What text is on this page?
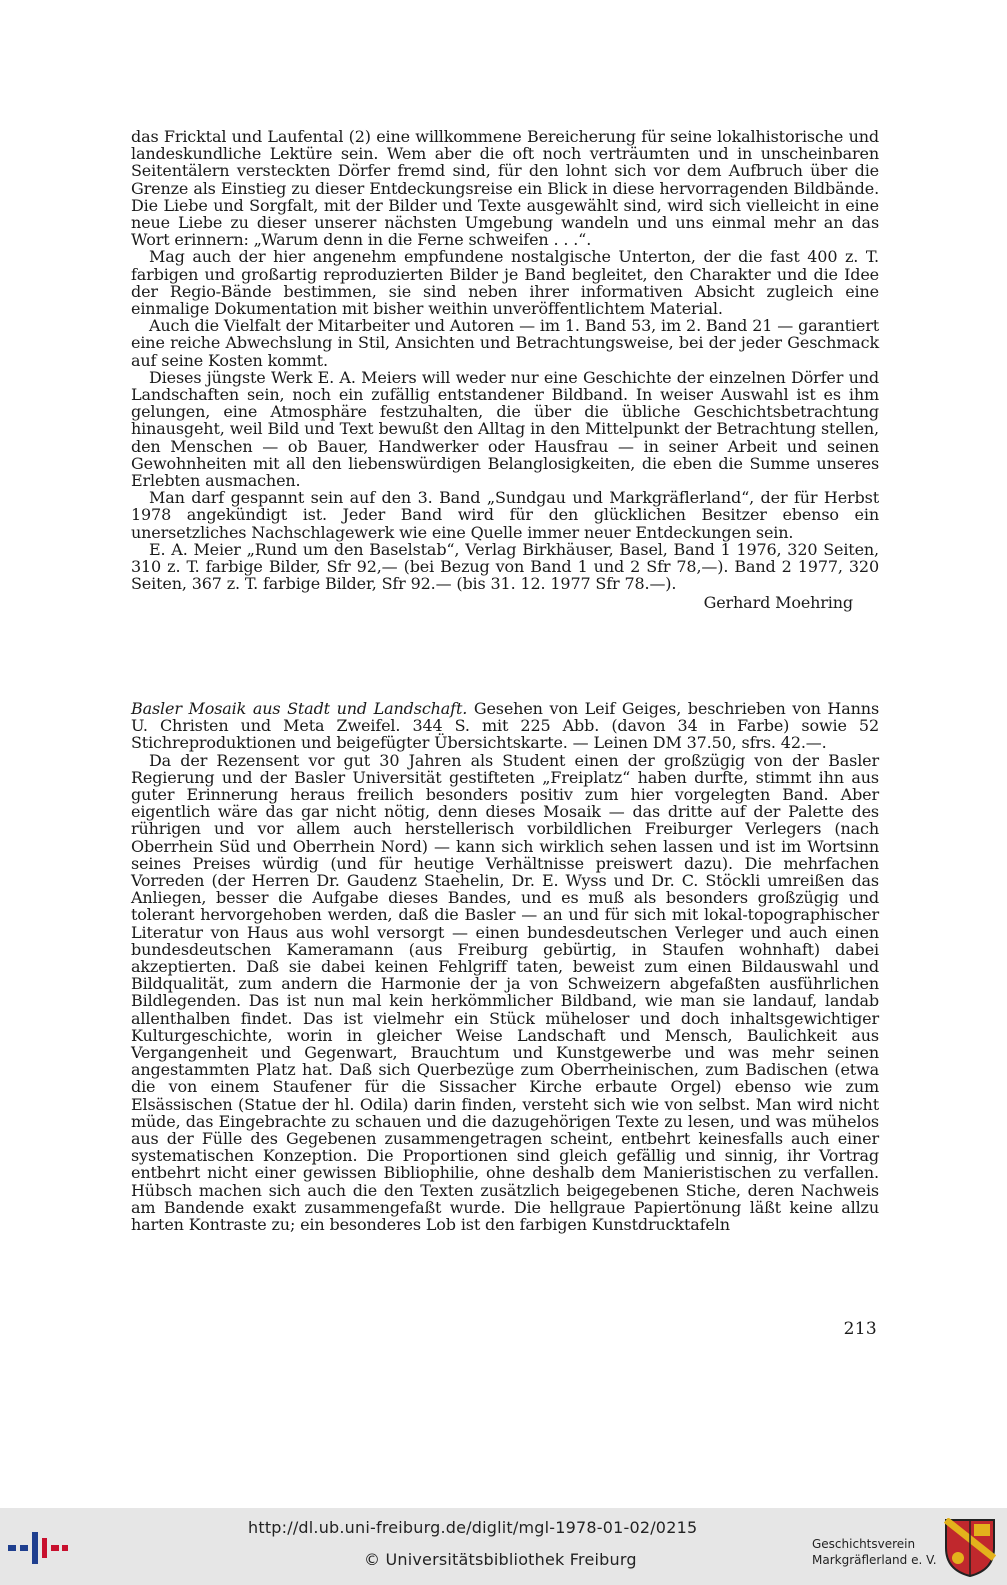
das Fricktal und Laufental (2) eine willkommene Bereicherung für seine lokalhistorische und landeskundliche Lektüre sein. Wem aber die oft noch verträumten und in unscheinbaren Seitentälern versteckten Dörfer fremd sind, für den lohnt sich vor dem Aufbruch über die Grenze als Einstieg zu dieser Entdeckungsreise ein Blick in diese hervorragenden Bildbände. Die Liebe und Sorgfalt, mit der Bilder und Texte ausgewählt sind, wird sich vielleicht in eine neue Liebe zu dieser unserer nächsten Umgebung wandeln und uns einmal mehr an das Wort erinnern: „Warum denn in die Ferne schweifen . . .“.

Mag auch der hier angenehm empfundene nostalgische Unterton, der die fast 400 z. T. farbigen und großartig reproduzierten Bilder je Band begleitet, den Charakter und die Idee der Regio-Bände bestimmen, sie sind neben ihrer informativen Absicht zugleich eine einmalige Dokumentation mit bisher weithin unveröffentlichtem Material.

Auch die Vielfalt der Mitarbeiter und Autoren — im 1. Band 53, im 2. Band 21 — garantiert eine reiche Abwechslung in Stil, Ansichten und Betrachtungsweise, bei der jeder Geschmack auf seine Kosten kommt.

Dieses jüngste Werk E. A. Meiers will weder nur eine Geschichte der einzelnen Dörfer und Landschaften sein, noch ein zufällig entstandener Bildband. In weiser Auswahl ist es ihm gelungen, eine Atmosphäre festzuhalten, die über die übliche Geschichtsbetrachtung hinausgeht, weil Bild und Text bewußt den Alltag in den Mittelpunkt der Betrachtung stellen, den Menschen — ob Bauer, Handwerker oder Hausfrau — in seiner Arbeit und seinen Gewohnheiten mit all den liebenswürdigen Belanglosigkeiten, die eben die Summe unseres Erlebten ausmachen.

Man darf gespannt sein auf den 3. Band „Sundgau und Markgräflerland“, der für Herbst 1978 angekündigt ist. Jeder Band wird für den glücklichen Besitzer ebenso ein unersetzliches Nachschlagewerk wie eine Quelle immer neuer Entdeckungen sein.

E. A. Meier „Rund um den Baselstab“, Verlag Birkhäuser, Basel, Band 1 1976, 320 Seiten, 310 z. T. farbige Bilder, Sfr 92,— (bei Bezug von Band 1 und 2 Sfr 78,—). Band 2 1977, 320 Seiten, 367 z. T. farbige Bilder, Sfr 92.— (bis 31. 12. 1977 Sfr 78.—).

Gerhard Moehring

Basler Mosaik aus Stadt und Landschaft. Gesehen von Leif Geiges, beschrieben von Hanns U. Christen und Meta Zweifel. 344 S. mit 225 Abb. (davon 34 in Farbe) sowie 52 Stichreproduktionen und beigefügter Übersichtskarte. — Leinen DM 37.50, sfrs. 42.—.

Da der Rezensent vor gut 30 Jahren als Student einen der großzügig von der Basler Regierung und der Basler Universität gestifteten „Freiplatz“ haben durfte, stimmt ihn aus guter Erinnerung heraus freilich besonders positiv zum hier vorgelegten Band. Aber eigentlich wäre das gar nicht nötig, denn dieses Mosaik — das dritte auf der Palette des rührigen und vor allem auch herstellerisch vorbildlichen Freiburger Verlegers (nach Oberrhein Süd und Oberrhein Nord) — kann sich wirklich sehen lassen und ist im Wortsinn seines Preises würdig (und für heutige Verhältnisse preiswert dazu). Die mehrfachen Vorreden (der Herren Dr. Gaudenz Staehelin, Dr. E. Wyss und Dr. C. Stöckli umreißen das Anliegen, besser die Aufgabe dieses Bandes, und es muß als besonders großzügig und tolerant hervorgehoben werden, daß die Basler — an und für sich mit lokal-topographischer Literatur von Haus aus wohl versorgt — einen bundesdeutschen Verleger und auch einen bundesdeutschen Kameramann (aus Freiburg gebürtig, in Staufen wohnhaft) dabei akzeptierten. Daß sie dabei keinen Fehlgriff taten, beweist zum einen Bildauswahl und Bildqualität, zum andern die Harmonie der ja von Schweizern abgefaßten ausführlichen Bildlegenden. Das ist nun mal kein herkömmlicher Bildband, wie man sie landauf, landab allenthalben findet. Das ist vielmehr ein Stück müheloser und doch inhaltsgewichtiger Kulturgeschichte, worin in gleicher Weise Landschaft und Mensch, Baulichkeit aus Vergangenheit und Gegenwart, Brauchtum und Kunstgewerbe und was mehr seinen angestammten Platz hat. Daß sich Querbezüge zum Oberrheinischen, zum Badischen (etwa die von einem Staufener für die Sissacher Kirche erbaute Orgel) ebenso wie zum Elsässischen (Statue der hl. Odila) darin finden, versteht sich wie von selbst. Man wird nicht müde, das Eingebrachte zu schauen und die dazugehörigen Texte zu lesen, und was mühelos aus der Fülle des Gegebenen zusammengetragen scheint, entbehrt keinesfalls auch einer systematischen Konzeption. Die Proportionen sind gleich gefällig und sinnig, ihr Vortrag entbehrt nicht einer gewissen Bibliophilie, ohne deshalb dem Manieristischen zu verfallen. Hübsch machen sich auch die den Texten zusätzlich beigegebenen Stiche, deren Nachweis am Bandende exakt zusammengefaßt wurde. Die hellgraue Papiertönung läßt keine allzu harten Kontraste zu; ein besonderes Lob ist den farbigen Kunstdrucktafeln

213
http://dl.ub.uni-freiburg.de/diglit/mgl-1978-01-02/0215
© Universitätsbibliothek Freiburg
Geschichtsverein
Markgräflerland e. V.
